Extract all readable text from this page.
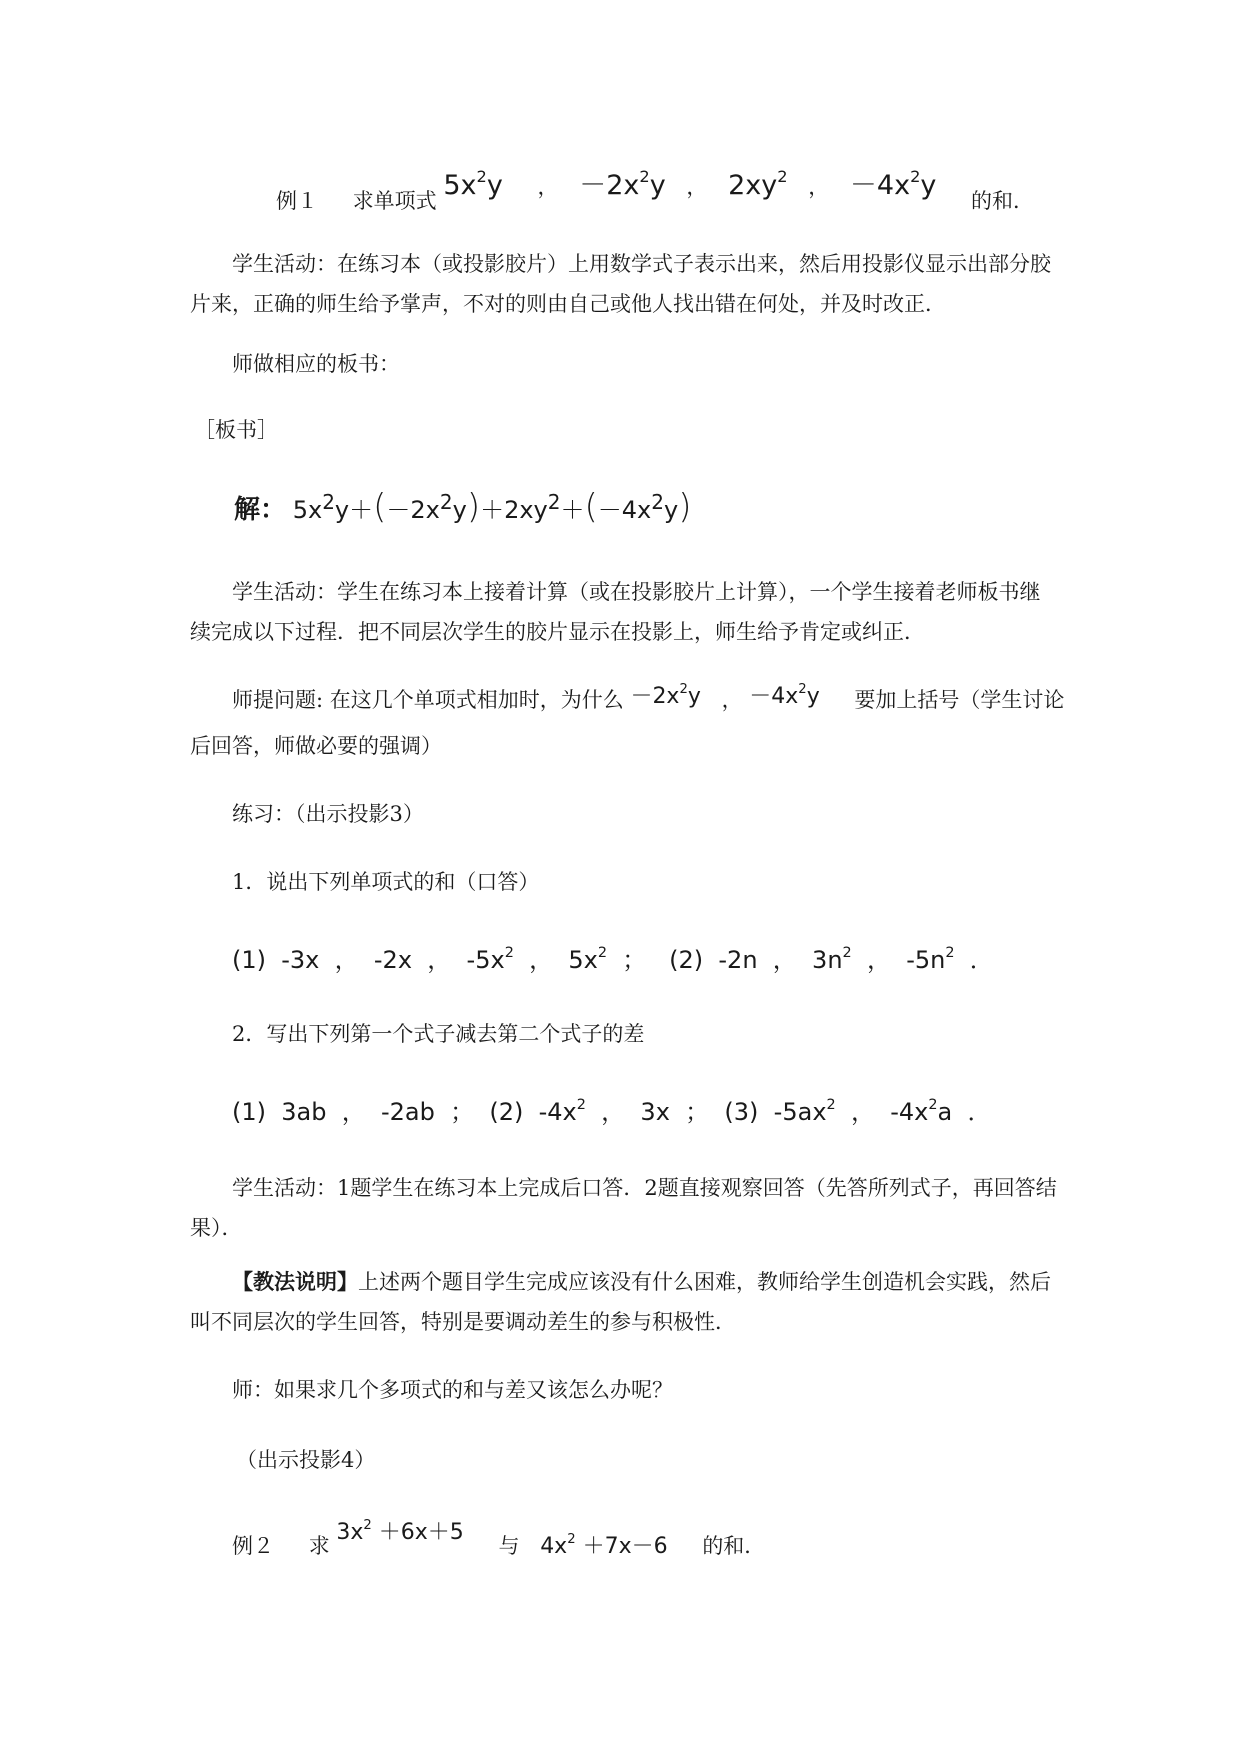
例１ 求单项式 $5x^2y$ ， $-2x^2y$ ， $2xy^2$ ， $-4x^2y$ 的和．
学生活动：在练习本（或投影胶片）上用数学式子表示出来，然后用投影仪显示出部分胶片来，正确的师生给予掌声，不对的则由自己或他人找出错在何处，并及时改正．
师做相应的板书：
［板书］
解： $5x^2y+(-2x^2y)+2xy^2+(-4x^2y)$
学生活动：学生在练习本上接着计算（或在投影胶片上计算），一个学生接着老师板书继续完成以下过程．把不同层次学生的胶片显示在投影上，师生给予肯定或纠正．
师提问题: 在这几个单项式相加时，为什么 $-2x^2y$ ， $-4x^2y$ 要加上括号（学生讨论
后回答，师做必要的强调）
练习：（出示投影3）
1．说出下列单项式的和（口答）
(1)  -3x  ，  -2x  ，  $-5x^2$  ，  $5x^2$  ；   (2)  -2n  ，  $3n^2$  ，  $-5n^2$  ．
2．写出下列第一个式子减去第二个式子的差
(1)  3ab  ，  -2ab  ；  (2)  $-4x^2$  ，  3x  ；  (3)  $-5ax^2$  ，  $-4x^2a$  ．
学生活动：1题学生在练习本上完成后口答．2题直接观察回答（先答所列式子，再回答结果）．
【教法说明】上述两个题目学生完成应该没有什么困难，教师给学生创造机会实践，然后叫不同层次的学生回答，特别是要调动差生的参与积极性．
师：如果求几个多项式的和与差又该怎么办呢？
（出示投影4）
例２ 求 $3x^2 +6x+5$ 与 $4x^2 +7x-6$ 的和．
